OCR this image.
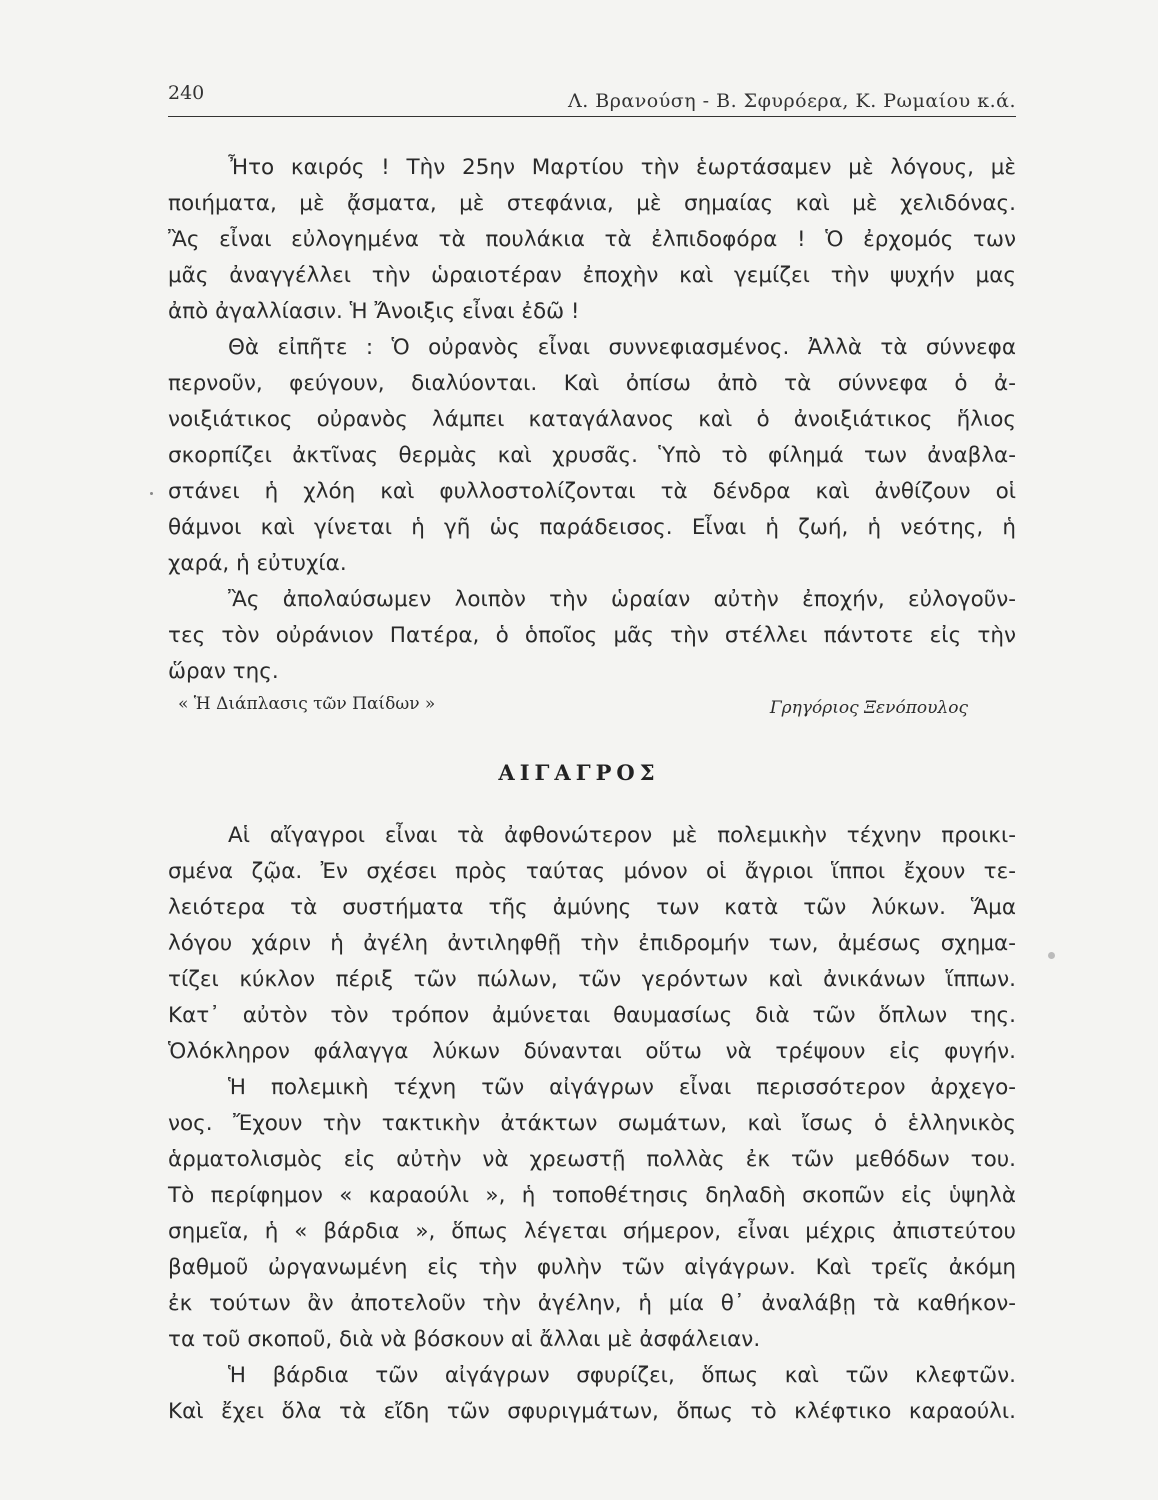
240	Λ. Βρανούση - Β. Σφυρόερα, Κ. Ρωμαίου κ.ά.
Ἦτο καιρός ! Τὴν 25ην Μαρτίου τὴν ἑωρτάσαμεν μὲ λόγους, μὲ
ποιήματα, μὲ ᾄσματα, μὲ στεφάνια, μὲ σημαίας καὶ μὲ χελιδόνας.
Ἂς εἶναι εὐλογημένα τὰ πουλάκια τὰ ἐλπιδοφόρα ! Ὁ ἐρχομός των
μᾶς ἀναγγέλλει τὴν ὡραιοτέραν ἐποχὴν καὶ γεμίζει τὴν ψυχήν μας
ἀπὸ ἀγαλλίασιν. Ἡ Ἄνοιξις εἶναι ἐδῶ !
Θὰ εἰπῆτε : Ὁ οὐρανὸς εἶναι συννεφιασμένος. Ἀλλὰ τὰ σύννεφα
περνοῦν, φεύγουν, διαλύονται. Καὶ ὀπίσω ἀπὸ τὰ σύννεφα ὁ ἀ-
νοιξιάτικος οὐρανὸς λάμπει καταγάλανος καὶ ὁ ἀνοιξιάτικος ἥλιος
σκορπίζει ἀκτῖνας θερμὰς καὶ χρυσᾶς. Ὑπὸ τὸ φίλημά των ἀναβλα-
στάνει ἡ χλόη καὶ φυλλοστολίζονται τὰ δένδρα καὶ ἀνθίζουν οἱ
θάμνοι καὶ γίνεται ἡ γῆ ὡς παράδεισος. Εἶναι ἡ ζωή, ἡ νεότης, ἡ
χαρά, ἡ εὐτυχία.
Ἂς ἀπολαύσωμεν λοιπὸν τὴν ὡραίαν αὐτὴν ἐποχήν, εὐλογοῦν-
τες τὸν οὐράνιον Πατέρα, ὁ ὁποῖος μᾶς τὴν στέλλει πάντοτε εἰς τὴν
ὥραν της.
« Ἡ Διάπλασις τῶν Παίδων »	Γρηγόριος Ξενόπουλος
ΑΙΓΑΓΡΟΣ
Αἱ αἴγαγροι εἶναι τὰ ἀφθονώτερον μὲ πολεμικὴν τέχνην προικι-
σμένα ζῷα. Ἐν σχέσει πρὸς ταύτας μόνον οἱ ἄγριοι ἵπποι ἔχουν τε-
λειότερα τὰ συστήματα τῆς ἀμύνης των κατὰ τῶν λύκων. Ἅμα
λόγου χάριν ἡ ἀγέλη ἀντιληφθῇ τὴν ἐπιδρομήν των, ἀμέσως σχημα-
τίζει κύκλον πέριξ τῶν πώλων, τῶν γερόντων καὶ ἀνικάνων ἵππων.
Κατ᾿ αὐτὸν τὸν τρόπον ἀμύνεται θαυμασίως διὰ τῶν ὅπλων της.
Ὁλόκληρον φάλαγγα λύκων δύνανται οὕτω νὰ τρέψουν εἰς φυγήν.
Ἡ πολεμικὴ τέχνη τῶν αἰγάγρων εἶναι περισσότερον ἀρχεγο-
νος. Ἔχουν τὴν τακτικὴν ἀτάκτων σωμάτων, καὶ ἴσως ὁ ἑλληνικὸς
ἁρματολισμὸς εἰς αὐτὴν νὰ χρεωστῇ πολλὰς ἐκ τῶν μεθόδων του.
Τὸ περίφημον « καραούλι », ἡ τοποθέτησις δηλαδὴ σκοπῶν εἰς ὑψηλὰ
σημεῖα, ἡ « βάρδια », ὅπως λέγεται σήμερον, εἶναι μέχρις ἀπιστεύτου
βαθμοῦ ὠργανωμένη εἰς τὴν φυλὴν τῶν αἰγάγρων. Καὶ τρεῖς ἀκόμη
ἐκ τούτων ἂν ἀποτελοῦν τὴν ἀγέλην, ἡ μία θ᾿ ἀναλάβῃ τὰ καθήκον-
τα τοῦ σκοποῦ, διὰ νὰ βόσκουν αἱ ἄλλαι μὲ ἀσφάλειαν.
Ἡ βάρδια τῶν αἰγάγρων σφυρίζει, ὅπως καὶ τῶν κλεφτῶν.
Καὶ ἔχει ὅλα τὰ εἴδη τῶν σφυριγμάτων, ὅπως τὸ κλέφτικο καραούλι.
